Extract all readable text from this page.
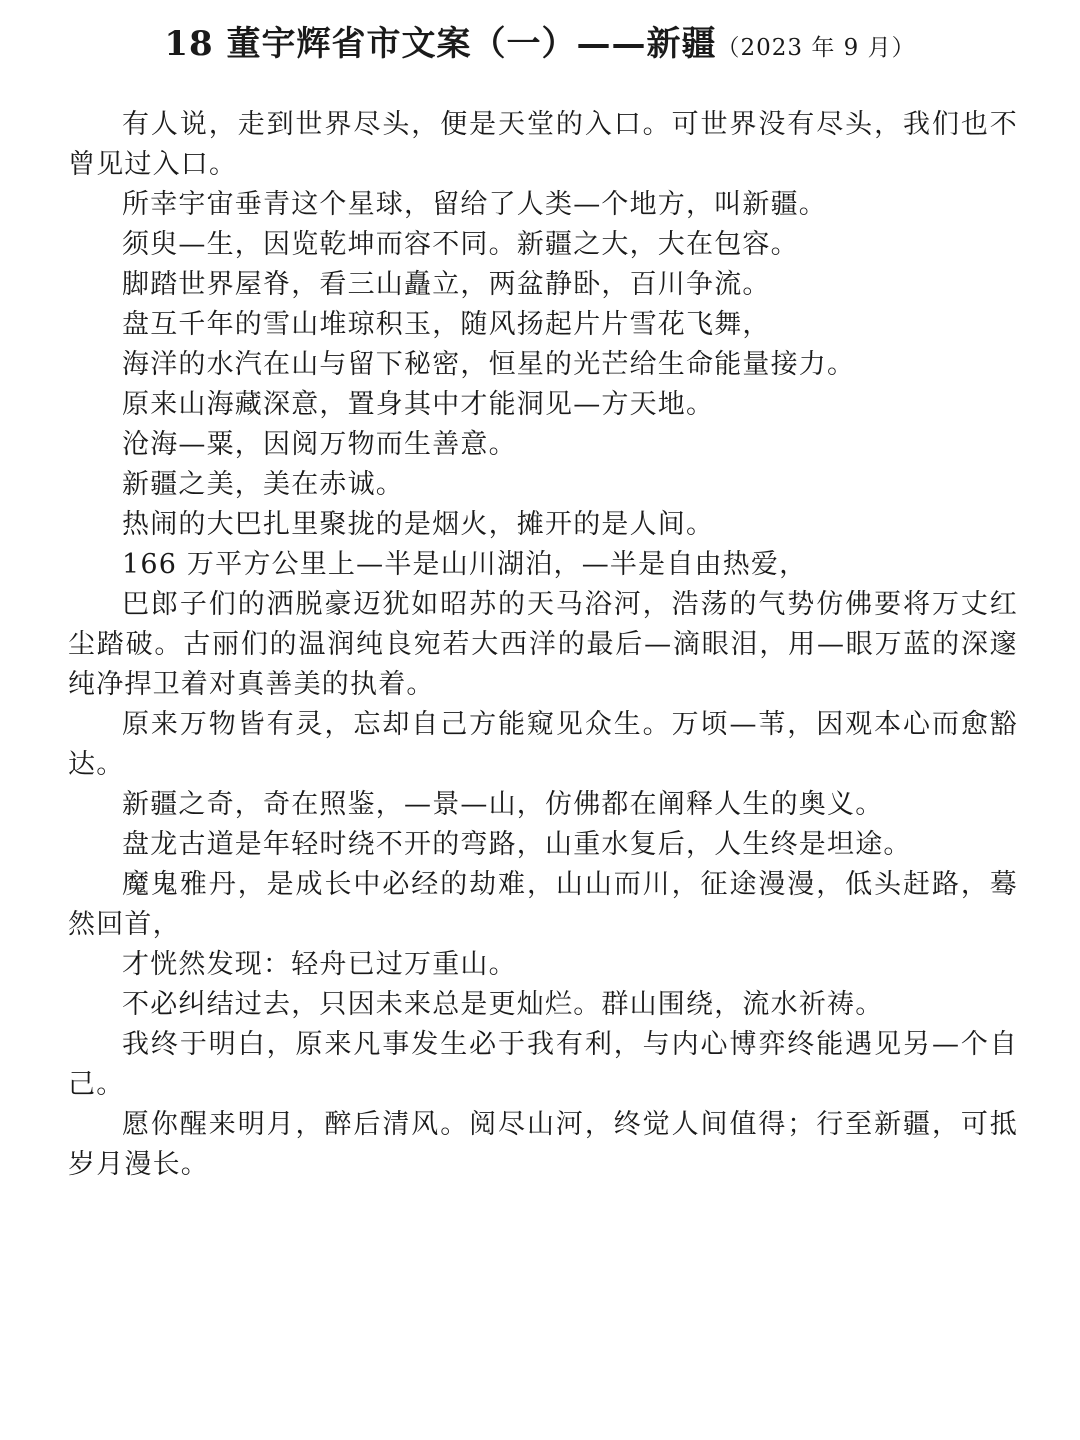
18 董宇辉省市文案（一）——新疆（2023 年 9 月）

有人说，走到世界尽头，便是天堂的入口。可世界没有尽头，我们也不曾见过入口。

所幸宇宙垂青这个星球，留给了人类—个地方，叫新疆。

须臾—生，因览乾坤而容不同。新疆之大，大在包容。

脚踏世界屋脊，看三山矗立，两盆静卧，百川争流。

盘互千年的雪山堆琼积玉，随风扬起片片雪花飞舞，

海洋的水汽在山与留下秘密，恒星的光芒给生命能量接力。

原来山海藏深意，置身其中才能洞见—方天地。

沧海—粟，因阅万物而生善意。

新疆之美，美在赤诚。

热闹的大巴扎里聚拢的是烟火，摊开的是人间。

166 万平方公里上—半是山川湖泊，—半是自由热爱，

巴郎子们的洒脱豪迈犹如昭苏的天马浴河，浩荡的气势仿佛要将万丈红尘踏破。古丽们的温润纯良宛若大西洋的最后—滴眼泪，用—眼万蓝的深邃纯净捍卫着对真善美的执着。

原来万物皆有灵，忘却自己方能窥见众生。万顷—苇，因观本心而愈豁达。

新疆之奇，奇在照鉴，—景—山，仿佛都在阐释人生的奥义。

盘龙古道是年轻时绕不开的弯路，山重水复后，人生终是坦途。

魔鬼雅丹，是成长中必经的劫难，山山而川，征途漫漫，低头赶路，蓦然回首，

才恍然发现：轻舟已过万重山。

不必纠结过去，只因未来总是更灿烂。群山围绕，流水祈祷。

我终于明白，原来凡事发生必于我有利，与内心博弈终能遇见另—个自己。

愿你醒来明月，醉后清风。阅尽山河，终觉人间值得；行至新疆，可抵岁月漫长。
